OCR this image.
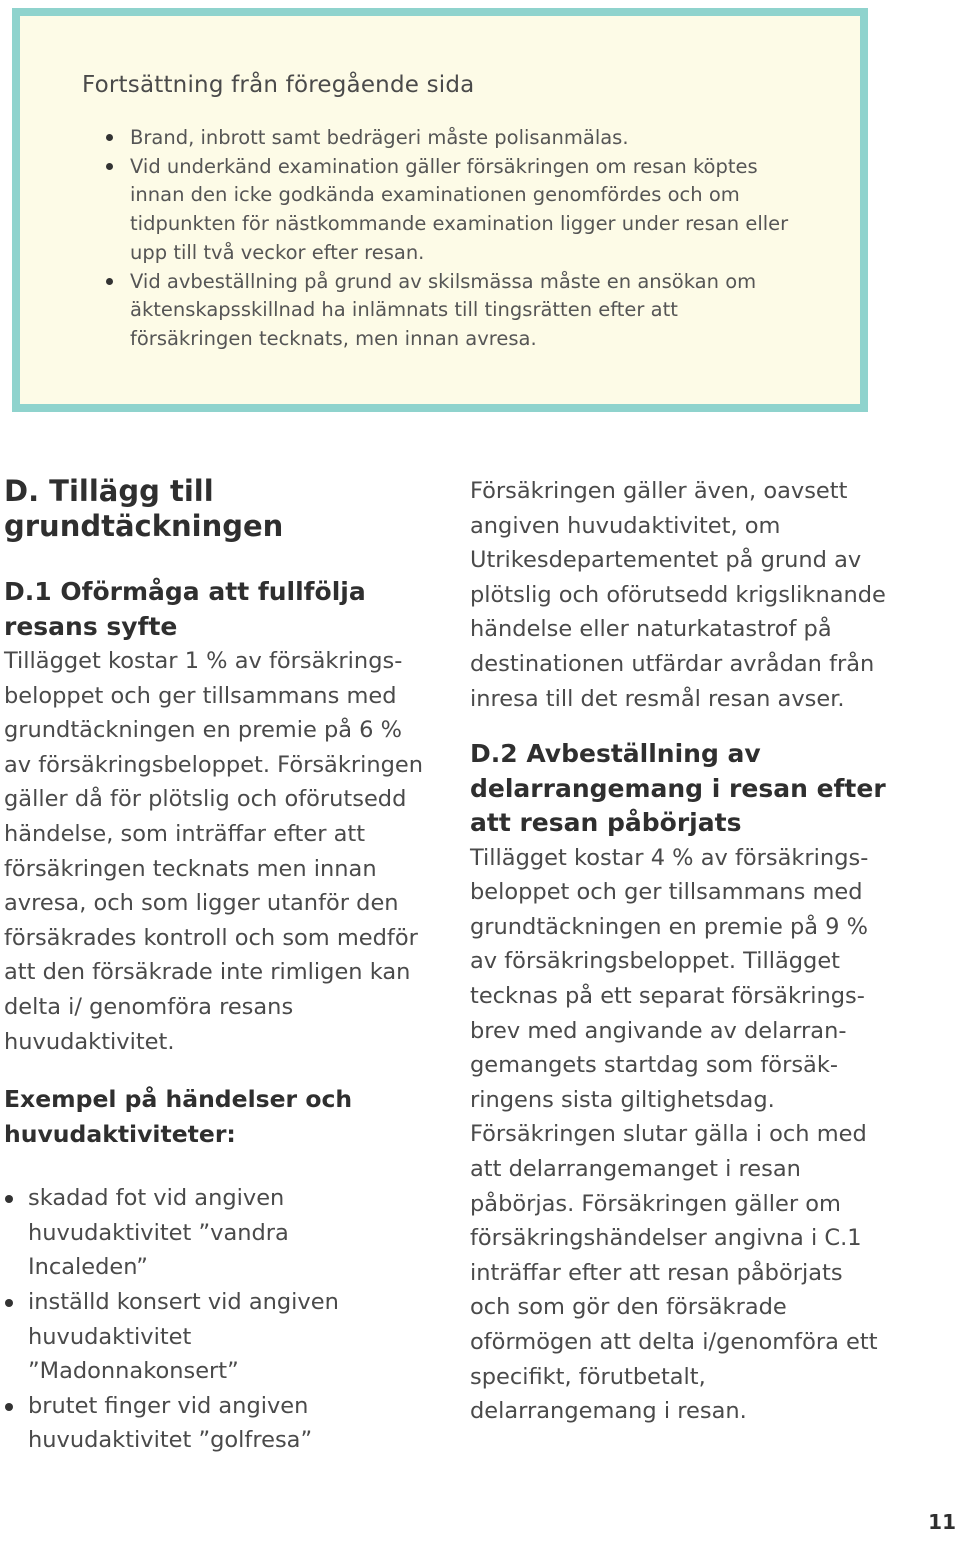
Fortsättning från föregående sida
Brand, inbrott samt bedrägeri måste polisanmälas.
Vid underkänd examination gäller försäkringen om resan köptes innan den icke godkända examinationen genomfördes och om tidpunkten för nästkommande examination ligger under resan eller upp till två veckor efter resan.
Vid avbeställning på grund av skilsmässa måste en ansökan om äktenskapsskillnad ha inlämnats till tingsrätten efter att försäkringen tecknats, men innan avresa.
D. Tillägg till grundtäckningen
D.1 Oförmåga att fullfölja resans syfte

Tillägget kostar 1 % av försäkringsbeloppet och ger tillsammans med grundtäckningen en premie på 6 % av försäkringsbeloppet. Försäkringen gäller då för plötslig och oförutsedd händelse, som inträffar efter att försäkringen tecknats men innan avresa, och som ligger utanför den försäkrades kontroll och som medför att den försäkrade inte rimligen kan delta i/ genomföra resans huvudaktivitet.

Exempel på händelser och huvudaktiviteter:
skadad fot vid angiven huvudaktivitet ”vandra Incaleden”
inställd konsert vid angiven huvudaktivitet ”Madonnakonsert”
brutet finger vid angiven huvudaktivitet ”golfresa”

Försäkringen gäller även, oavsett angiven huvudaktivitet, om Utrikesdepartementet på grund av plötslig och oförutsedd krigsliknande händelse eller naturkatastrof på destinationen utfärdar avrådan från inresa till det resmål resan avser.

D.2 Avbeställning av delarrangemang i resan efter att resan påbörjats

Tillägget kostar 4 % av försäkringsbeloppet och ger tillsammans med grundtäckningen en premie på 9 % av försäkringsbeloppet. Tillägget tecknas på ett separat försäkringsbrev med angivande av delarrangemangets startdag som försäkringens sista giltighetsdag. Försäkringen slutar gälla i och med att delarrangemanget i resan påbörjas. Försäkringen gäller om försäkringshändelser angivna i C.1 inträffar efter att resan påbörjats och som gör den försäkrade oförmögen att delta i/genomföra ett specifikt, förutbetalt, delarrangemang i resan.

11
